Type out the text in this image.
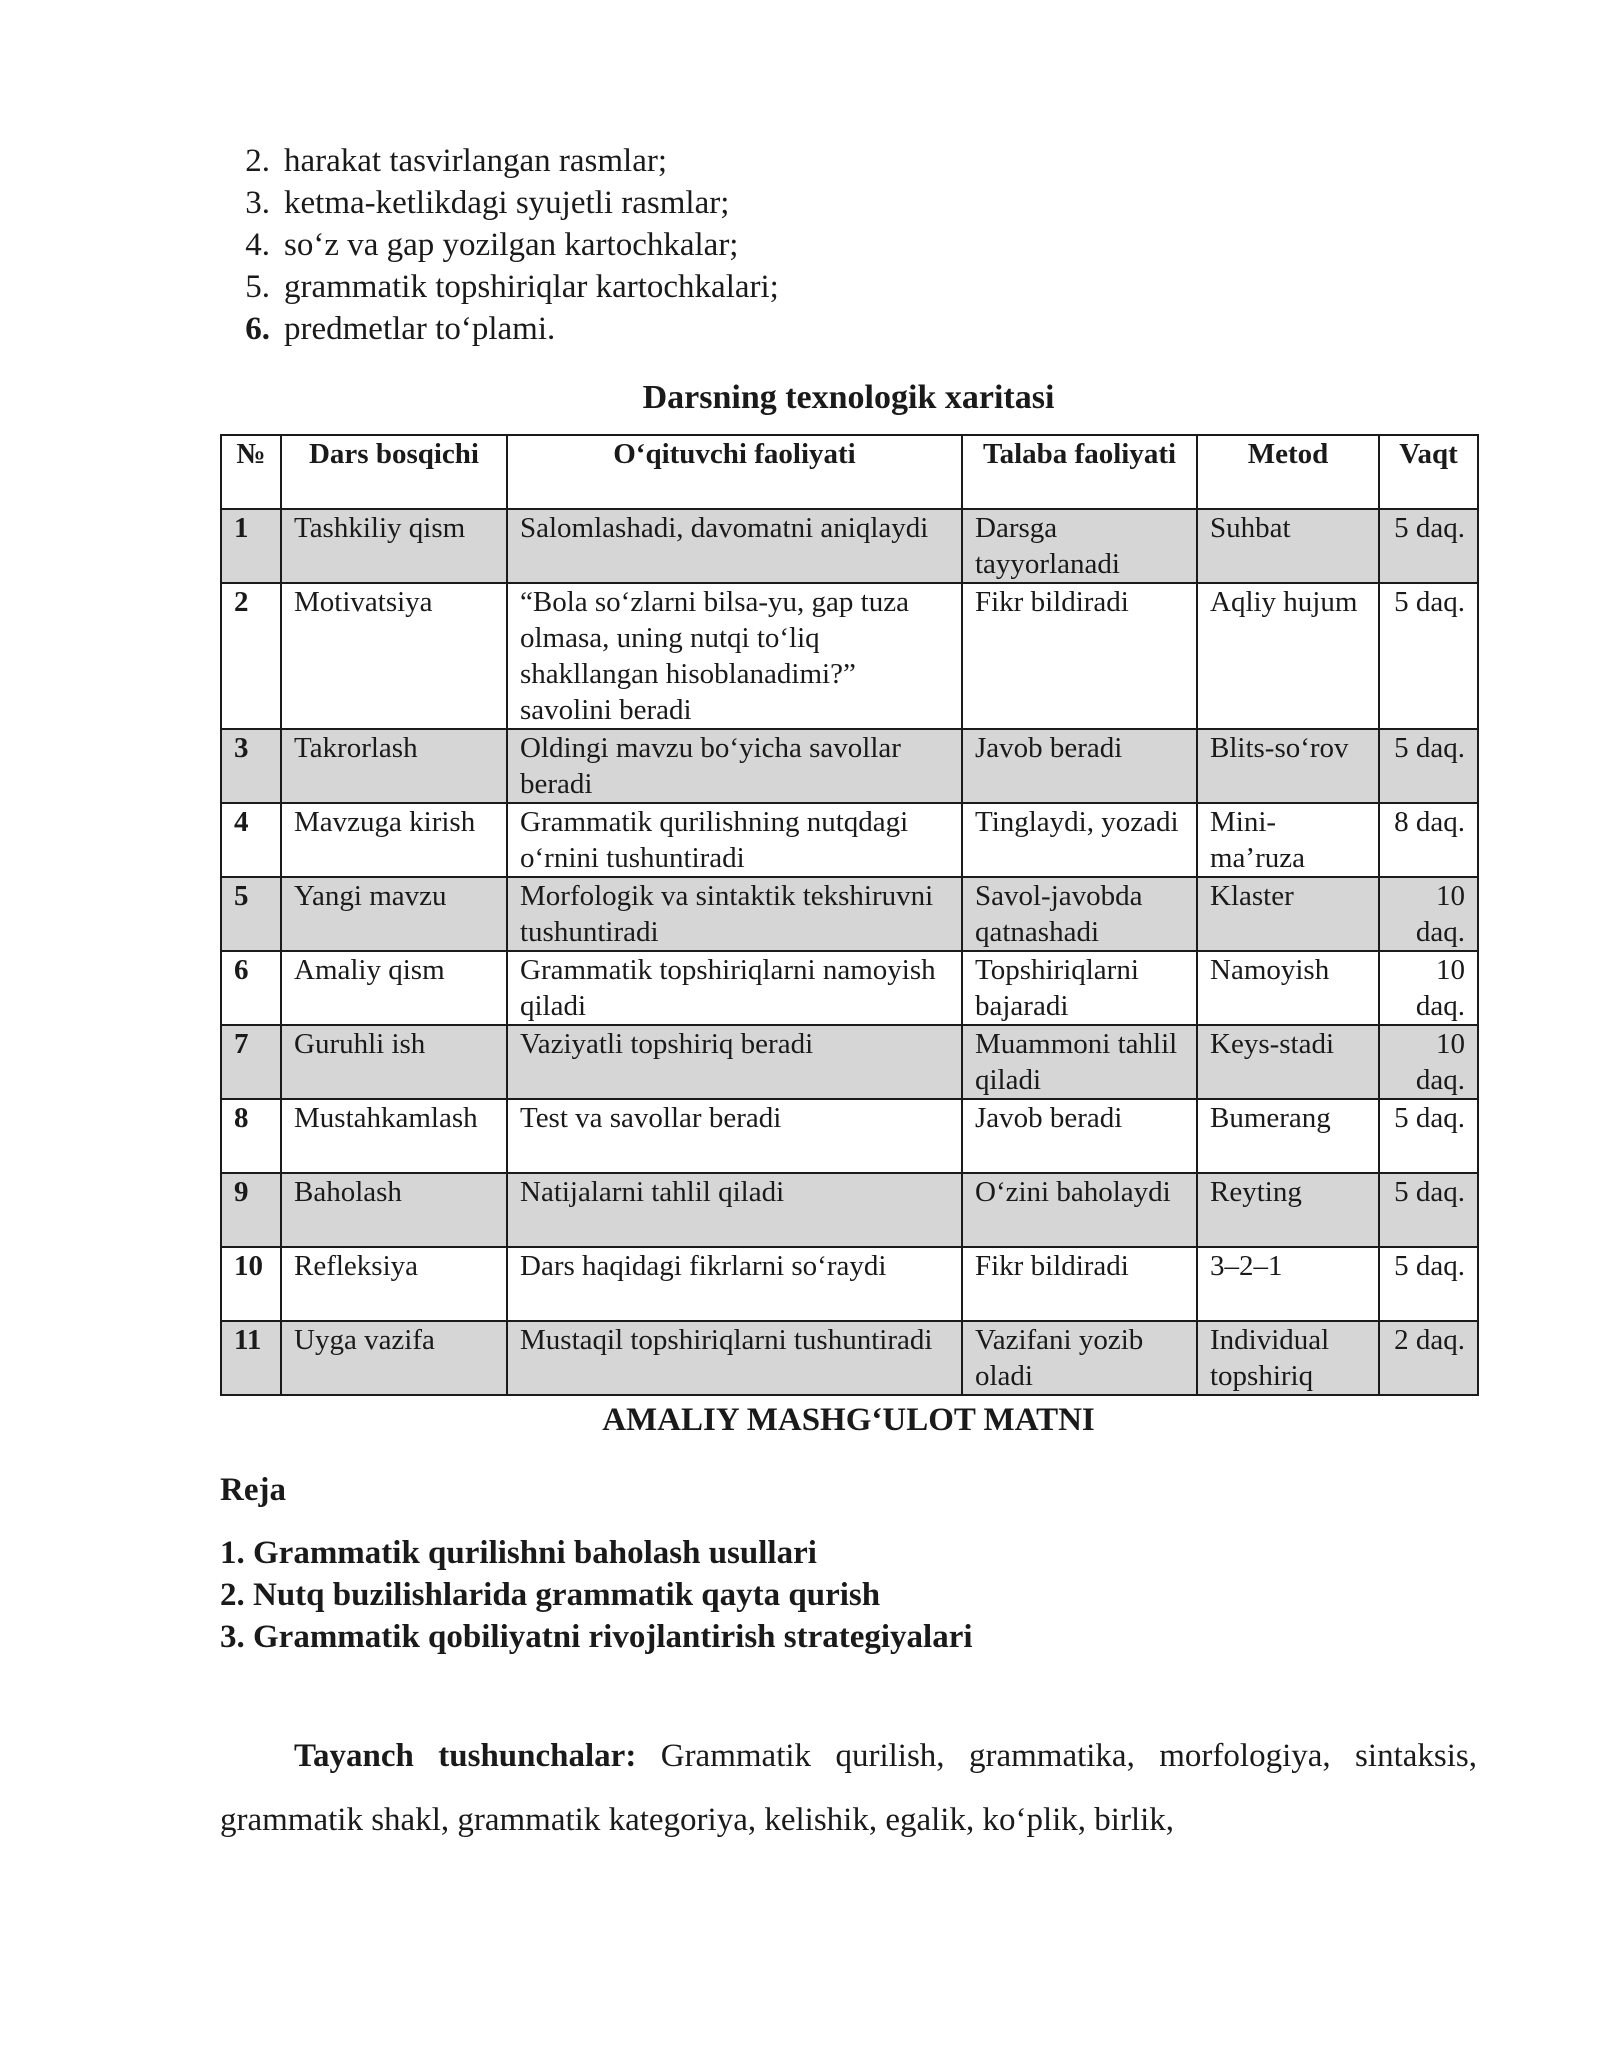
2. harakat tasvirlangan rasmlar;
3. ketma-ketlikdagi syujetli rasmlar;
4. so‘z va gap yozilgan kartochkalar;
5. grammatik topshiriqlar kartochkalari;
6. predmetlar to‘plami.
Darsning texnologik xaritasi
№	Dars bosqichi	O‘qituvchi faoliyati	Talaba faoliyati	Metod	Vaqt
1	Tashkiliy qism	Salomlashadi, davomatni aniqlaydi	Darsga tayyorlanadi	Suhbat	5 daq.
2	Motivatsiya	“Bola so‘zlarni bilsa-yu, gap tuza olmasa, uning nutqi to‘liq shakllangan hisoblanadimi?” savolini beradi	Fikr bildiradi	Aqliy hujum	5 daq.
3	Takrorlash	Oldingi mavzu bo‘yicha savollar beradi	Javob beradi	Blits-so‘rov	5 daq.
4	Mavzuga kirish	Grammatik qurilishning nutqdagi o‘rnini tushuntiradi	Tinglaydi, yozadi	Mini-ma’ruza	8 daq.
5	Yangi mavzu	Morfologik va sintaktik tekshiruvni tushuntiradi	Savol-javobda qatnashadi	Klaster	10 daq.
6	Amaliy qism	Grammatik topshiriqlarni namoyish qiladi	Topshiriqlarni bajaradi	Namoyish	10 daq.
7	Guruhli ish	Vaziyatli topshiriq beradi	Muammoni tahlil qiladi	Keys-stadi	10 daq.
8	Mustahkamlash	Test va savollar beradi	Javob beradi	Bumerang	5 daq.
9	Baholash	Natijalarni tahlil qiladi	O‘zini baholaydi	Reyting	5 daq.
10	Refleksiya	Dars haqidagi fikrlarni so‘raydi	Fikr bildiradi	3–2–1	5 daq.
11	Uyga vazifa	Mustaqil topshiriqlarni tushuntiradi	Vazifani yozib oladi	Individual topshiriq	2 daq.
AMALIY MASHG‘ULOT MATNI
Reja
1. Grammatik qurilishni baholash usullari
2. Nutq buzilishlarida grammatik qayta qurish
3. Grammatik qobiliyatni rivojlantirish strategiyalari
Tayanch tushunchalar: Grammatik qurilish, grammatika, morfologiya, sintaksis, grammatik shakl, grammatik kategoriya, kelishik, egalik, ko‘plik, birlik,
